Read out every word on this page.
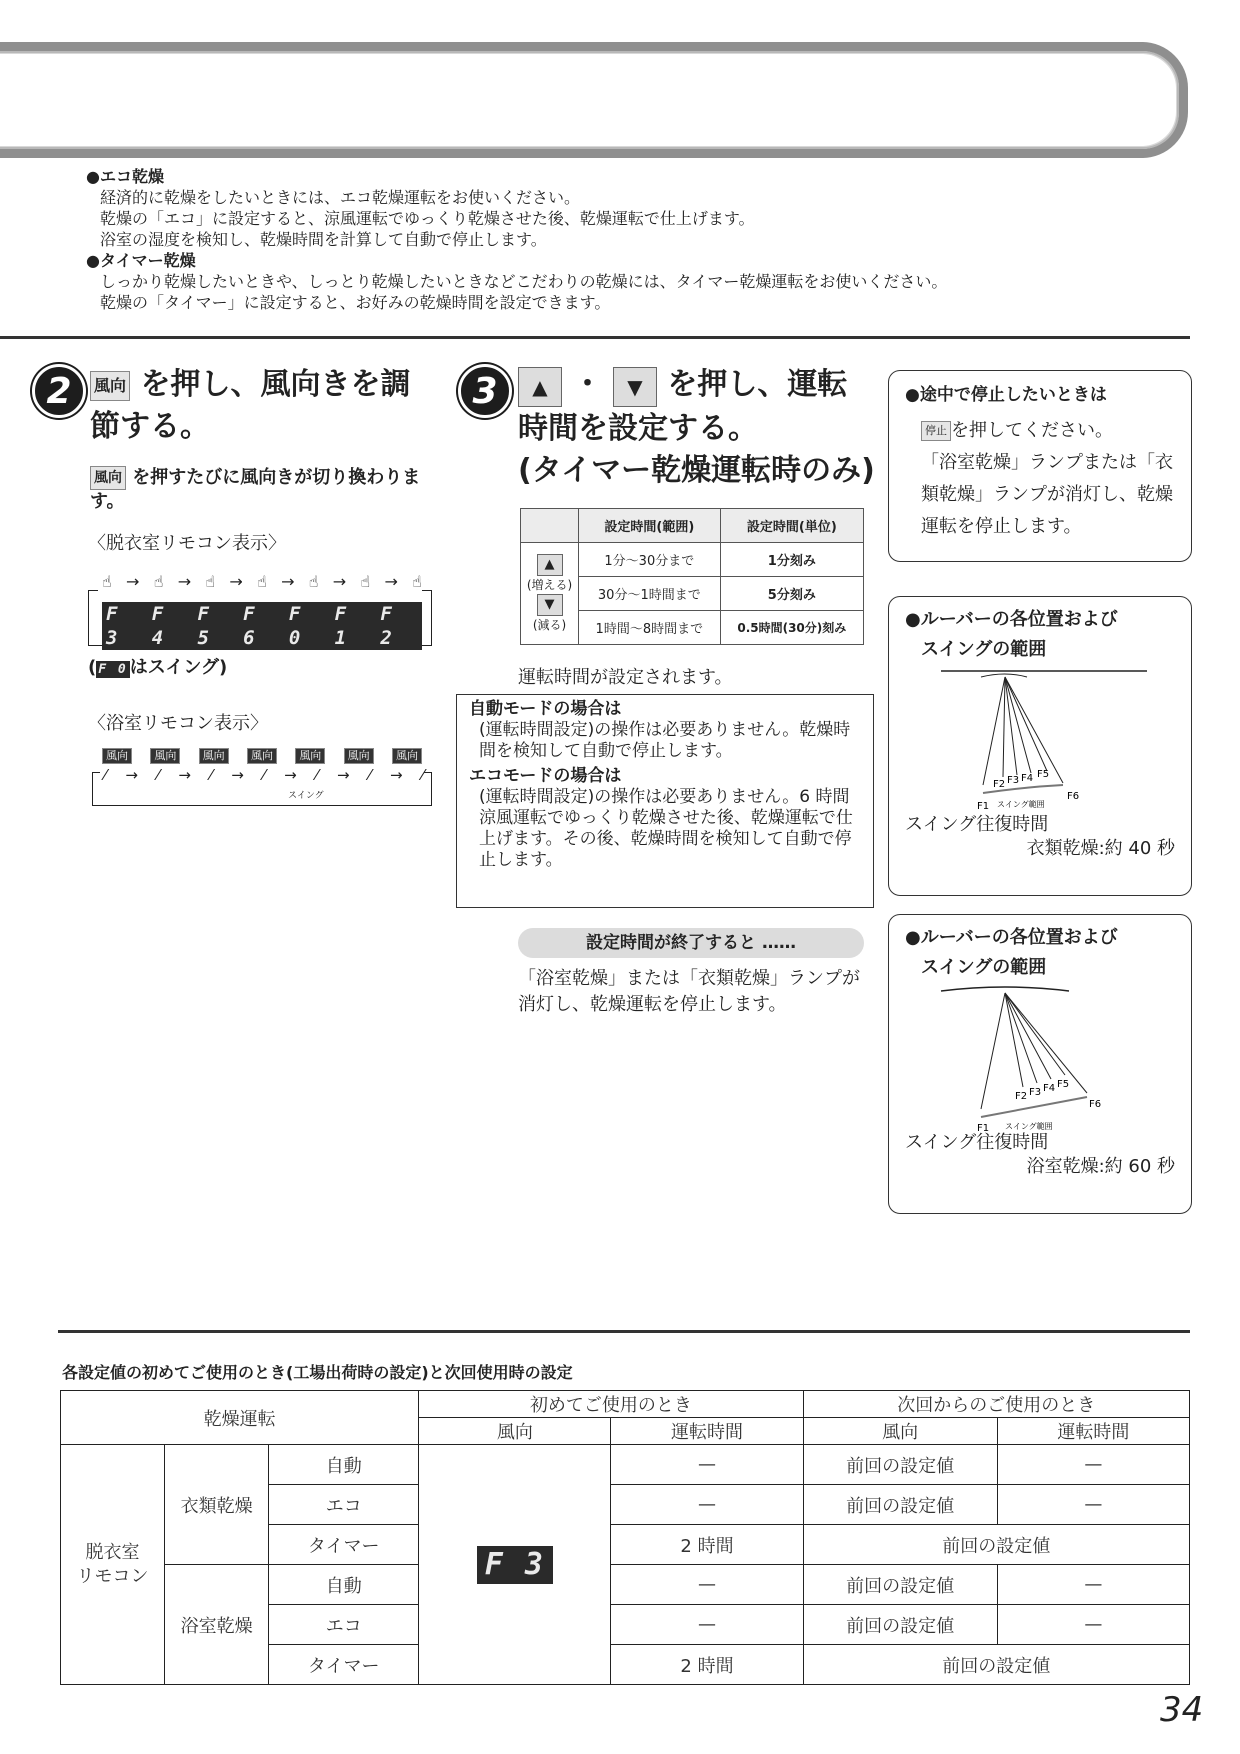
●エコ乾燥
経済的に乾燥をしたいときには、エコ乾燥運転をお使いください。
乾燥の「エコ」に設定すると、涼風運転でゆっくり乾燥させた後、乾燥運転で仕上げます。
浴室の湿度を検知し、乾燥時間を計算して自動で停止します。
●タイマー乾燥
しっかり乾燥したいときや、しっとり乾燥したいときなどこだわりの乾燥には、タイマー乾燥運転をお使いください。
乾燥の「タイマー」に設定すると、お好みの乾燥時間を設定できます。
2	風向 を押し、風向きを調
節する。
風向 を押すたびに風向きが切り換わります。
〈脱衣室リモコン表示〉
☝ → ☝ → ☝ → ☝ → ☝ → ☝ → ☝
F 3
F 4
F 5
F 6
F 0
F 1
F 2
( F 0 はスイング)
〈浴室リモコン表示〉
風向	風向	風向	風向	風向	風向	風向
⁄ → ⁄ → ⁄ → ⁄ → ⁄ → ⁄ → ⁄
スイング
3	▲ ・ ▼ を押し、運転

時間を設定する。
(タイマー乾燥運転時のみ)
	設定時間(範囲)	設定時間(単位)
▲
(増える)
▼
(減る)	1分〜30分まで	1分刻み
	30分〜1時間まで	5分刻み
	1時間〜8時間まで	0.5時間(30分)刻み
運転時間が設定されます。
自動モードの場合は
(運転時間設定)の操作は必要ありません。乾燥時間を検知して自動で停止します。
エコモードの場合は
(運転時間設定)の操作は必要ありません。6 時間涼風運転でゆっくり乾燥させた後、乾燥運転で仕上げます。その後、乾燥時間を検知して自動で停止します。
設定時間が終了すると ……
「浴室乾燥」または「衣類乾燥」ランプが消灯し、乾燥運転を停止します。
●途中で停止したいときは
停止 を押してください。
「浴室乾燥」ランプまたは「衣類乾燥」ランプが消灯し、乾燥運転を停止します。
●ルーバーの各位置および
スイングの範囲
F1
F2 F3 F4 F5
F6
スイング範囲
スイング往復時間
衣類乾燥:約 40 秒
●ルーバーの各位置および
スイングの範囲
F1
F2 F3 F4 F5
F6
スイング範囲
スイング往復時間
浴室乾燥:約 60 秒
各設定値の初めてご使用のとき(工場出荷時の設定)と次回使用時の設定
乾燥運転			初めてご使用のとき		次回からのご使用のとき	
			風向	運転時間	風向	運転時間
脱衣室
リモコン	衣類乾燥	自動	F 3	—	前回の設定値	—
		エコ		—	前回の設定値	—
		タイマー		2 時間	前回の設定値	
	浴室乾燥	自動		—	前回の設定値	—
		エコ		—	前回の設定値	—
		タイマー		2 時間	前回の設定値	
34
